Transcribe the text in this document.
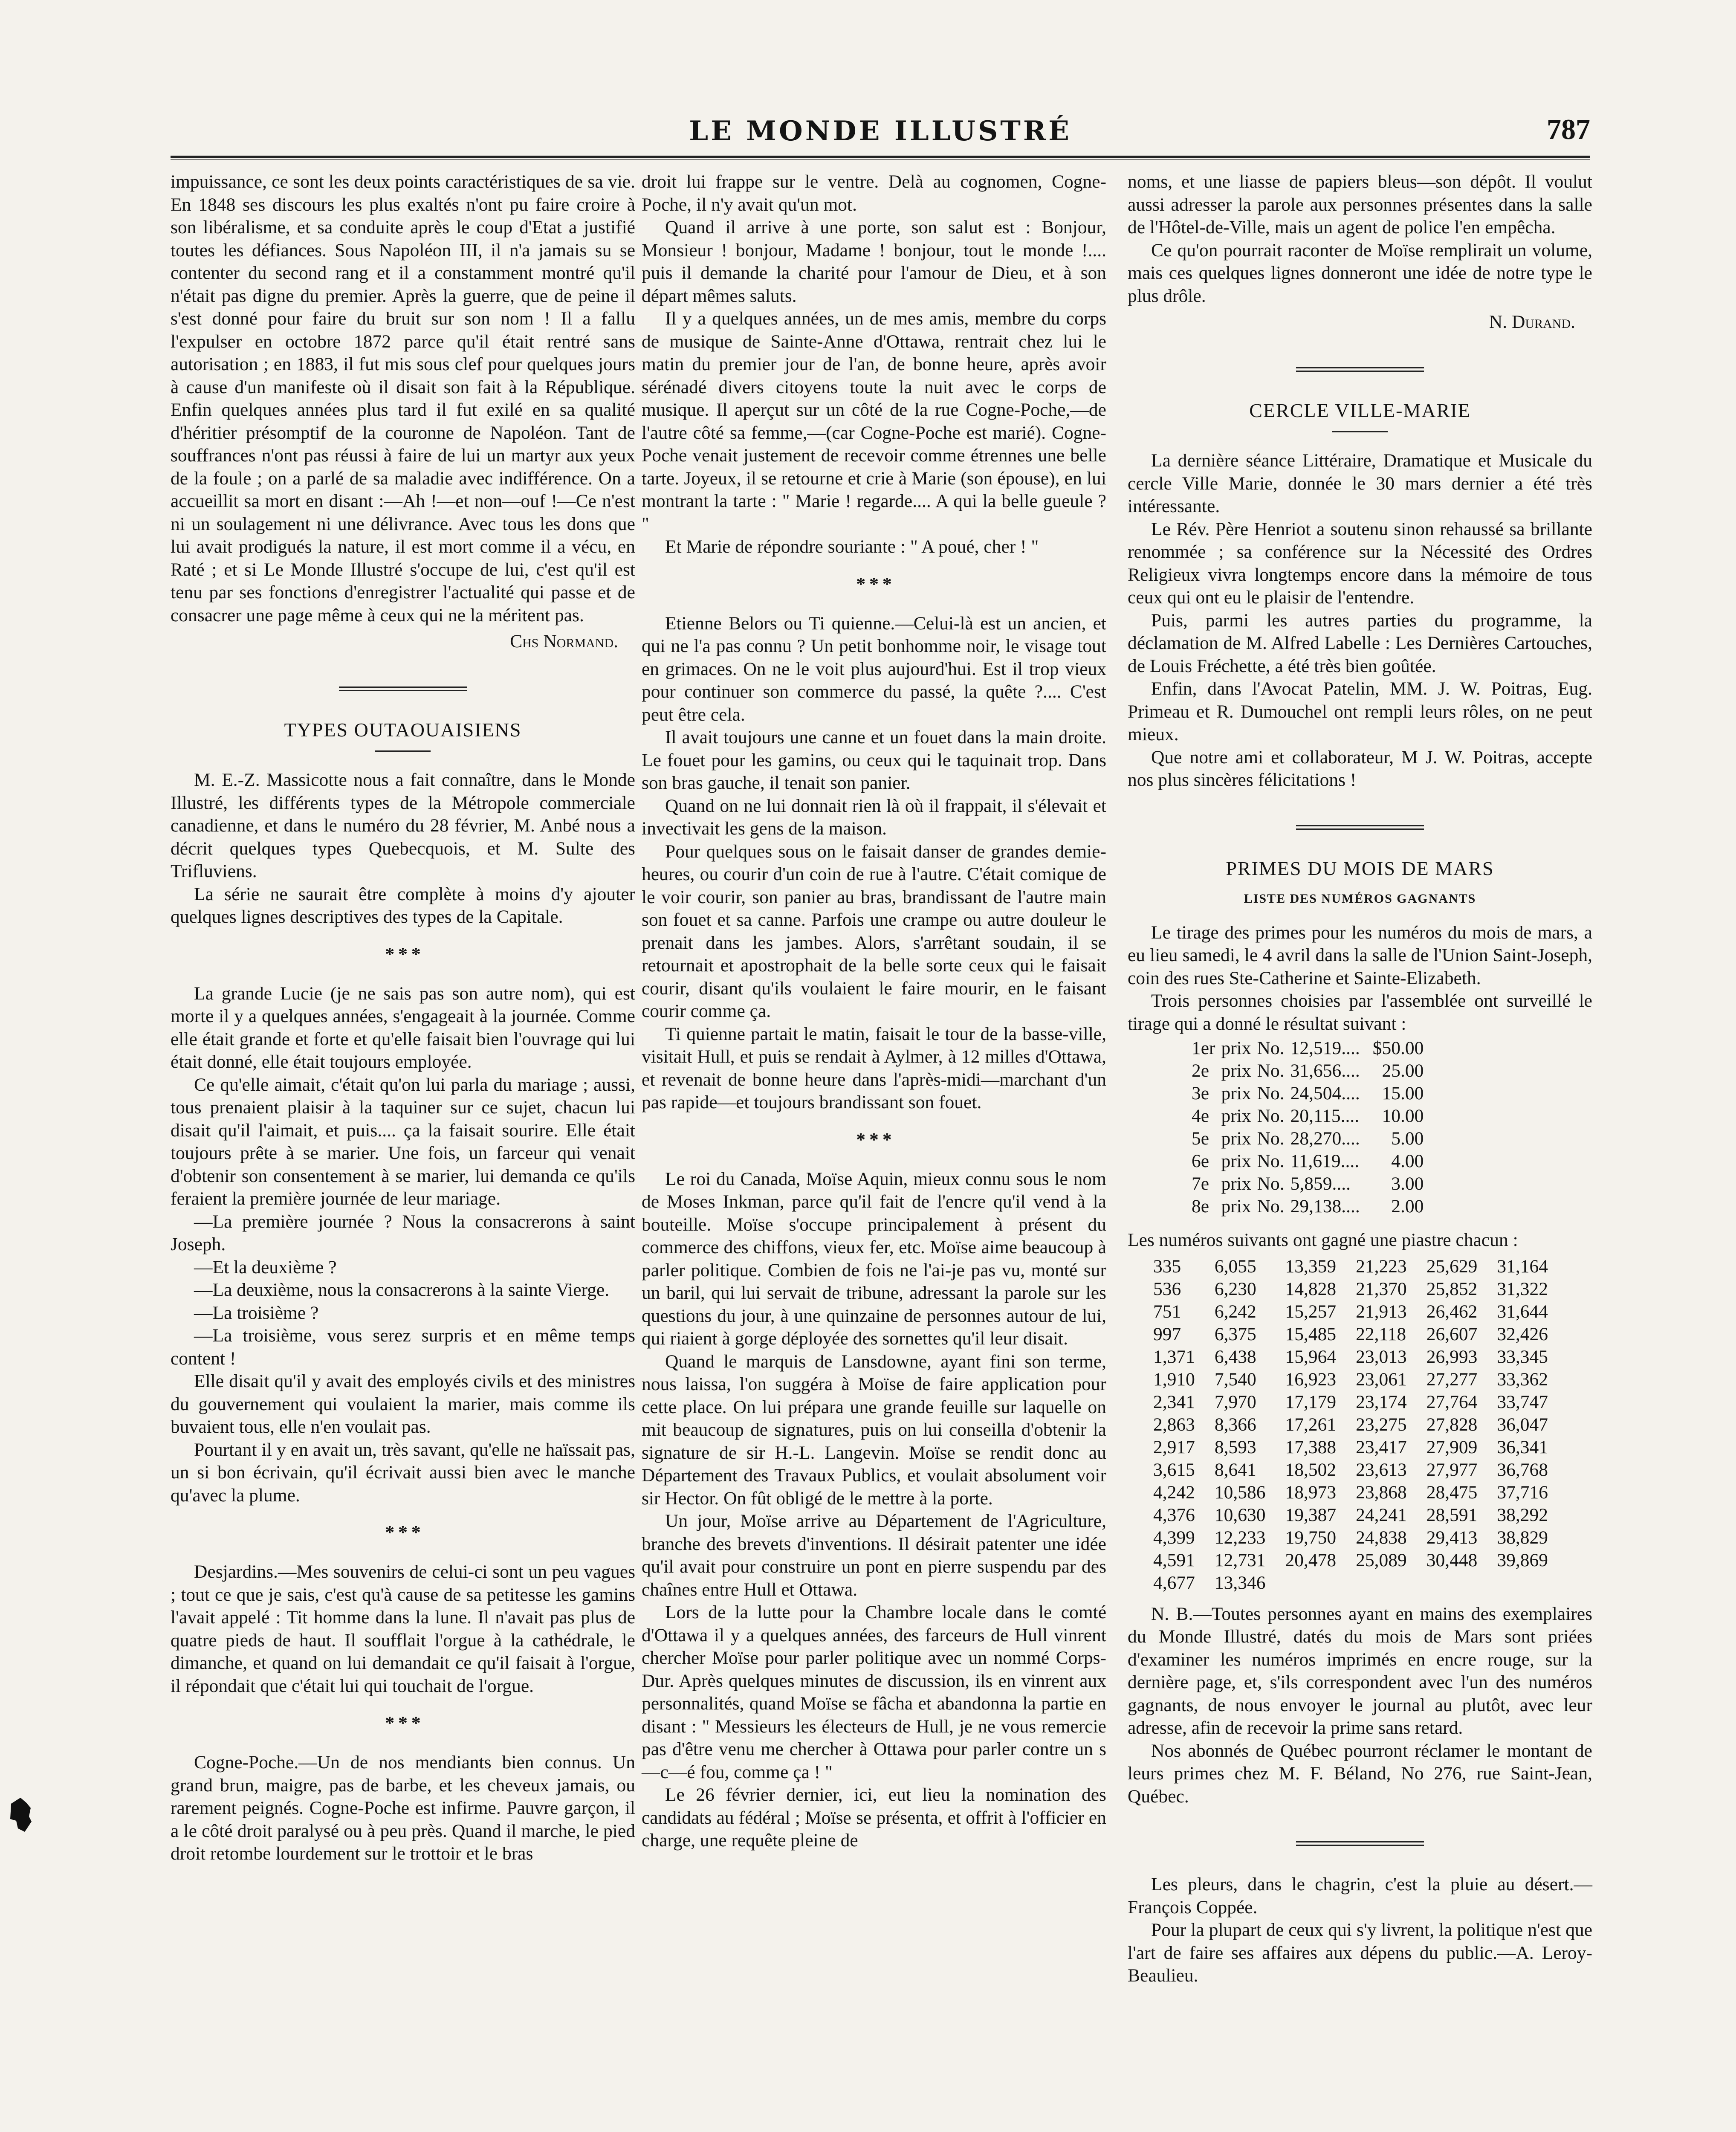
LE MONDE ILLUSTRÉ	787

impuissance, ce sont les deux points caractéristiques de sa vie. En 1848 ses discours les plus exaltés n'ont pu faire croire à son libéralisme, et sa conduite après le coup d'Etat a justifié toutes les défiances. Sous Napoléon III, il n'a jamais su se contenter du second rang et il a constamment montré qu'il n'était pas digne du premier. Après la guerre, que de peine il s'est donné pour faire du bruit sur son nom ! Il a fallu l'expulser en octobre 1872 parce qu'il était rentré sans autorisation ; en 1883, il fut mis sous clef pour quelques jours à cause d'un manifeste où il disait son fait à la République. Enfin quelques années plus tard il fut exilé en sa qualité d'héritier présomptif de la couronne de Napoléon. Tant de souffrances n'ont pas réussi à faire de lui un martyr aux yeux de la foule ; on a parlé de sa maladie avec indifférence. On a accueillit sa mort en disant :—Ah !—et non—ouf !—Ce n'est ni un soulagement ni une délivrance. Avec tous les dons que lui avait prodigués la nature, il est mort comme il a vécu, en Raté ; et si Le Monde Illustré s'occupe de lui, c'est qu'il est tenu par ses fonctions d'enregistrer l'actualité qui passe et de consacrer une page même à ceux qui ne la méritent pas.

Chs Normand.

TYPES OUTAOUAISIENS

M. E.-Z. Massicotte nous a fait connaître, dans le Monde Illustré, les différents types de la Métropole commerciale canadienne, et dans le numéro du 28 février, M. Anbé nous a décrit quelques types Quebecquois, et M. Sulte des Trifluviens.

La série ne saurait être complète à moins d'y ajouter quelques lignes descriptives des types de la Capitale.

* * *

La grande Lucie (je ne sais pas son autre nom), qui est morte il y a quelques années, s'engageait à la journée. Comme elle était grande et forte et qu'elle faisait bien l'ouvrage qui lui était donné, elle était toujours employée.

Ce qu'elle aimait, c'était qu'on lui parla du mariage ; aussi, tous prenaient plaisir à la taquiner sur ce sujet, chacun lui disait qu'il l'aimait, et puis.... ça la faisait sourire. Elle était toujours prête à se marier. Une fois, un farceur qui venait d'obtenir son consentement à se marier, lui demanda ce qu'ils feraient la première journée de leur mariage.

—La première journée ? Nous la consacrerons à saint Joseph.

—Et la deuxième ?

—La deuxième, nous la consacrerons à la sainte Vierge.

—La troisième ?

—La troisième, vous serez surpris et en même temps content !

Elle disait qu'il y avait des employés civils et des ministres du gouvernement qui voulaient la marier, mais comme ils buvaient tous, elle n'en voulait pas.

Pourtant il y en avait un, très savant, qu'elle ne haïssait pas, un si bon écrivain, qu'il écrivait aussi bien avec le manche qu'avec la plume.

* * *

Desjardins.—Mes souvenirs de celui-ci sont un peu vagues ; tout ce que je sais, c'est qu'à cause de sa petitesse les gamins l'avait appelé : Tit homme dans la lune. Il n'avait pas plus de quatre pieds de haut. Il soufflait l'orgue à la cathédrale, le dimanche, et quand on lui demandait ce qu'il faisait à l'orgue, il répondait que c'était lui qui touchait de l'orgue.

* * *

Cogne-Poche.—Un de nos mendiants bien connus. Un grand brun, maigre, pas de barbe, et les cheveux jamais, ou rarement peignés. Cogne-Poche est infirme. Pauvre garçon, il a le côté droit paralysé ou à peu près. Quand il marche, le pied droit retombe lourdement sur le trottoir et le bras

droit lui frappe sur le ventre. Delà au cognomen, Cogne-Poche, il n'y avait qu'un mot.

Quand il arrive à une porte, son salut est : Bonjour, Monsieur ! bonjour, Madame ! bonjour, tout le monde !.... puis il demande la charité pour l'amour de Dieu, et à son départ mêmes saluts.

Il y a quelques années, un de mes amis, membre du corps de musique de Sainte-Anne d'Ottawa, rentrait chez lui le matin du premier jour de l'an, de bonne heure, après avoir sérénadé divers citoyens toute la nuit avec le corps de musique. Il aperçut sur un côté de la rue Cogne-Poche,—de l'autre côté sa femme,—(car Cogne-Poche est marié). Cogne-Poche venait justement de recevoir comme étrennes une belle tarte. Joyeux, il se retourne et crie à Marie (son épouse), en lui montrant la tarte : " Marie ! regarde.... A qui la belle gueule ? "

Et Marie de répondre souriante : " A poué, cher ! "

* * *

Etienne Belors ou Ti quienne.—Celui-là est un ancien, et qui ne l'a pas connu ? Un petit bonhomme noir, le visage tout en grimaces. On ne le voit plus aujourd'hui. Est il trop vieux pour continuer son commerce du passé, la quête ?.... C'est peut être cela.

Il avait toujours une canne et un fouet dans la main droite. Le fouet pour les gamins, ou ceux qui le taquinait trop. Dans son bras gauche, il tenait son panier.

Quand on ne lui donnait rien là où il frappait, il s'élevait et invectivait les gens de la maison.

Pour quelques sous on le faisait danser de grandes demie-heures, ou courir d'un coin de rue à l'autre. C'était comique de le voir courir, son panier au bras, brandissant de l'autre main son fouet et sa canne. Parfois une crampe ou autre douleur le prenait dans les jambes. Alors, s'arrêtant soudain, il se retournait et apostrophait de la belle sorte ceux qui le faisait courir, disant qu'ils voulaient le faire mourir, en le faisant courir comme ça.

Ti quienne partait le matin, faisait le tour de la basse-ville, visitait Hull, et puis se rendait à Aylmer, à 12 milles d'Ottawa, et revenait de bonne heure dans l'après-midi—marchant d'un pas rapide—et toujours brandissant son fouet.

* * *

Le roi du Canada, Moïse Aquin, mieux connu sous le nom de Moses Inkman, parce qu'il fait de l'encre qu'il vend à la bouteille. Moïse s'occupe principalement à présent du commerce des chiffons, vieux fer, etc. Moïse aime beaucoup à parler politique. Combien de fois ne l'ai-je pas vu, monté sur un baril, qui lui servait de tribune, adressant la parole sur les questions du jour, à une quinzaine de personnes autour de lui, qui riaient à gorge déployée des sornettes qu'il leur disait.

Quand le marquis de Lansdowne, ayant fini son terme, nous laissa, l'on suggéra à Moïse de faire application pour cette place. On lui prépara une grande feuille sur laquelle on mit beaucoup de signatures, puis on lui conseilla d'obtenir la signature de sir H.-L. Langevin. Moïse se rendit donc au Département des Travaux Publics, et voulait absolument voir sir Hector. On fût obligé de le mettre à la porte.

Un jour, Moïse arrive au Département de l'Agriculture, branche des brevets d'inventions. Il désirait patenter une idée qu'il avait pour construire un pont en pierre suspendu par des chaînes entre Hull et Ottawa.

Lors de la lutte pour la Chambre locale dans le comté d'Ottawa il y a quelques années, des farceurs de Hull vinrent chercher Moïse pour parler politique avec un nommé Corps-Dur. Après quelques minutes de discussion, ils en vinrent aux personnalités, quand Moïse se fâcha et abandonna la partie en disant : " Messieurs les électeurs de Hull, je ne vous remercie pas d'être venu me chercher à Ottawa pour parler contre un s—c—é fou, comme ça ! "

Le 26 février dernier, ici, eut lieu la nomination des candidats au fédéral ; Moïse se présenta, et offrit à l'officier en charge, une requête pleine de

noms, et une liasse de papiers bleus—son dépôt. Il voulut aussi adresser la parole aux personnes présentes dans la salle de l'Hôtel-de-Ville, mais un agent de police l'en empêcha.

Ce qu'on pourrait raconter de Moïse remplirait un volume, mais ces quelques lignes donneront une idée de notre type le plus drôle.

N. Durand.

CERCLE VILLE-MARIE

La dernière séance Littéraire, Dramatique et Musicale du cercle Ville Marie, donnée le 30 mars dernier a été très intéressante.

Le Rév. Père Henriot a soutenu sinon rehaussé sa brillante renommée ; sa conférence sur la Nécessité des Ordres Religieux vivra longtemps encore dans la mémoire de tous ceux qui ont eu le plaisir de l'entendre.

Puis, parmi les autres parties du programme, la déclamation de M. Alfred Labelle : Les Dernières Cartouches, de Louis Fréchette, a été très bien goûtée.

Enfin, dans l'Avocat Patelin, MM. J. W. Poitras, Eug. Primeau et R. Dumouchel ont rempli leurs rôles, on ne peut mieux.

Que notre ami et collaborateur, M J. W. Poitras, accepte nos plus sincères félicitations !

PRIMES DU MOIS DE MARS
LISTE DES NUMÉROS GAGNANTS

Le tirage des primes pour les numéros du mois de mars, a eu lieu samedi, le 4 avril dans la salle de l'Union Saint-Joseph, coin des rues Ste-Catherine et Sainte-Elizabeth.

Trois personnes choisies par l'assemblée ont surveillé le tirage qui a donné le résultat suivant :

1er	prix	No.	12,519....	$50.00
2e	prix	No.	31,656....	25.00
3e	prix	No.	24,504....	15.00
4e	prix	No.	20,115....	10.00
5e	prix	No.	28,270....	5.00
6e	prix	No.	11,619....	4.00
7e	prix	No.	5,859....	3.00
8e	prix	No.	29,138....	2.00

Les numéros suivants ont gagné une piastre chacun :

335	6,055	13,359	21,223	25,629	31,164
536	6,230	14,828	21,370	25,852	31,322
751	6,242	15,257	21,913	26,462	31,644
997	6,375	15,485	22,118	26,607	32,426
1,371	6,438	15,964	23,013	26,993	33,345
1,910	7,540	16,923	23,061	27,277	33,362
2,341	7,970	17,179	23,174	27,764	33,747
2,863	8,366	17,261	23,275	27,828	36,047
2,917	8,593	17,388	23,417	27,909	36,341
3,615	8,641	18,502	23,613	27,977	36,768
4,242	10,586	18,973	23,868	28,475	37,716
4,376	10,630	19,387	24,241	28,591	38,292
4,399	12,233	19,750	24,838	29,413	38,829
4,591	12,731	20,478	25,089	30,448	39,869
4,677	13,346				

N. B.—Toutes personnes ayant en mains des exemplaires du Monde Illustré, datés du mois de Mars sont priées d'examiner les numéros imprimés en encre rouge, sur la dernière page, et, s'ils correspondent avec l'un des numéros gagnants, de nous envoyer le journal au plutôt, avec leur adresse, afin de recevoir la prime sans retard.

Nos abonnés de Québec pourront réclamer le montant de leurs primes chez M. F. Béland, No 276, rue Saint-Jean, Québec.

Les pleurs, dans le chagrin, c'est la pluie au désert.—François Coppée.

Pour la plupart de ceux qui s'y livrent, la politique n'est que l'art de faire ses affaires aux dépens du public.—A. Leroy-Beaulieu.
